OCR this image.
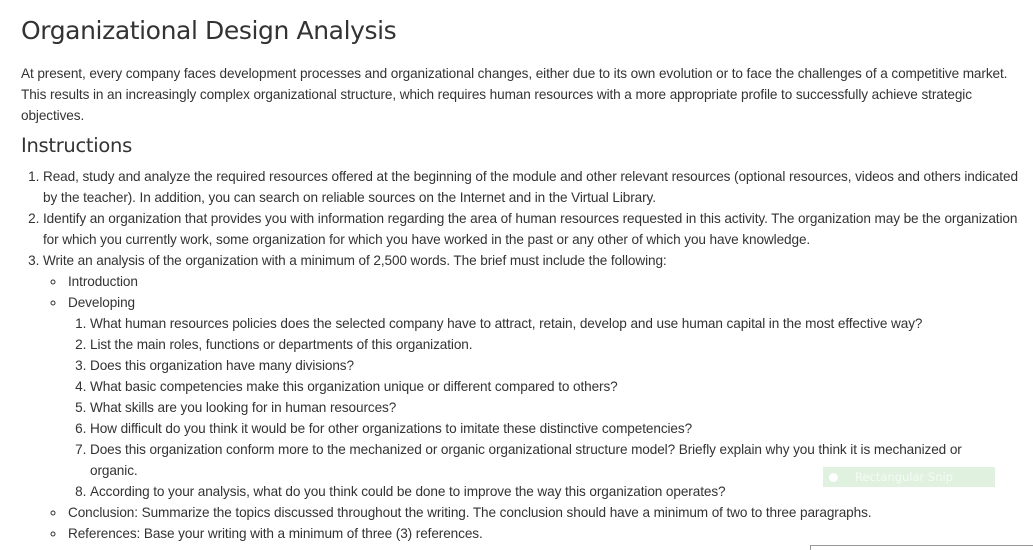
Organizational Design Analysis

At present, every company faces development processes and organizational changes, either due to its own evolution or to face the challenges of a competitive market. This results in an increasingly complex organizational structure, which requires human resources with a more appropriate profile to successfully achieve strategic objectives.

Instructions
1. Read, study and analyze the required resources offered at the beginning of the module and other relevant resources (optional resources, videos and others indicated by the teacher). In addition, you can search on reliable sources on the Internet and in the Virtual Library.
2. Identify an organization that provides you with information regarding the area of human resources requested in this activity. The organization may be the organization for which you currently work, some organization for which you have worked in the past or any other of which you have knowledge.
3. Write an analysis of the organization with a minimum of 2,500 words. The brief must include the following:
◦ Introduction
◦ Developing
1. What human resources policies does the selected company have to attract, retain, develop and use human capital in the most effective way?
2. List the main roles, functions or departments of this organization.
3. Does this organization have many divisions?
4. What basic competencies make this organization unique or different compared to others?
5. What skills are you looking for in human resources?
6. How difficult do you think it would be for other organizations to imitate these distinctive competencies?
7. Does this organization conform more to the mechanized or organic organizational structure model? Briefly explain why you think it is mechanized or organic.
8. According to your analysis, what do you think could be done to improve the way this organization operates?
◦ Conclusion: Summarize the topics discussed throughout the writing. The conclusion should have a minimum of two to three paragraphs.
◦ References: Base your writing with a minimum of three (3) references.
Rectangular Snip
